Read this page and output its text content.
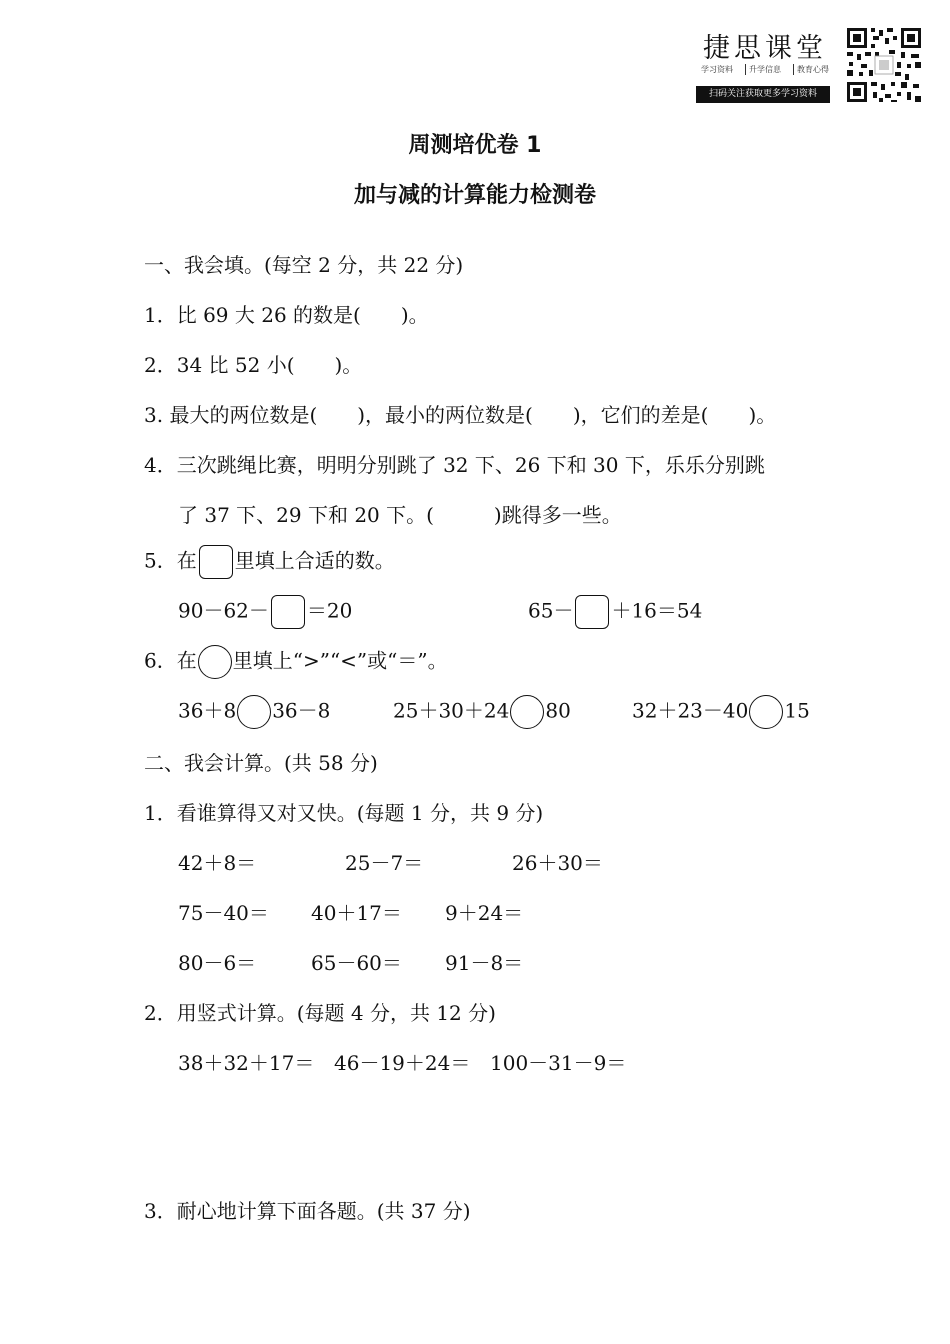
捷思课堂
学习资料	升学信息	教育心得
扫码关注获取更多学习资料
周测培优卷 1
加与减的计算能力检测卷
一、我会填。(每空 2 分，共 22 分)
1．比 69 大 26 的数是(　　)。
2．34 比 52 小(　　)。
3. 最大的两位数是(　　)，最小的两位数是(　　)，它们的差是(　　)。
4．三次跳绳比赛，明明分别跳了 32 下、26 下和 30 下，乐乐分别跳
了 37 下、29 下和 20 下。(　　　)跳得多一些。
5．在 里填上合适的数。
90－62－ ＝20	65－ ＋16＝54
6．在 里填上“>”“<”或“＝”。
36＋8 36－8	25＋30＋24 80	32＋23－40 15
二、我会计算。(共 58 分)
1．看谁算得又对又快。(每题 1 分，共 9 分)
42＋8＝	25－7＝	26＋30＝
75－40＝ 40＋17＝ 9＋24＝
80－6＝	65－60＝ 91－8＝
2．用竖式计算。(每题 4 分，共 12 分)
38＋32＋17＝ 46－19＋24＝ 100－31－9＝
3．耐心地计算下面各题。(共 37 分)
